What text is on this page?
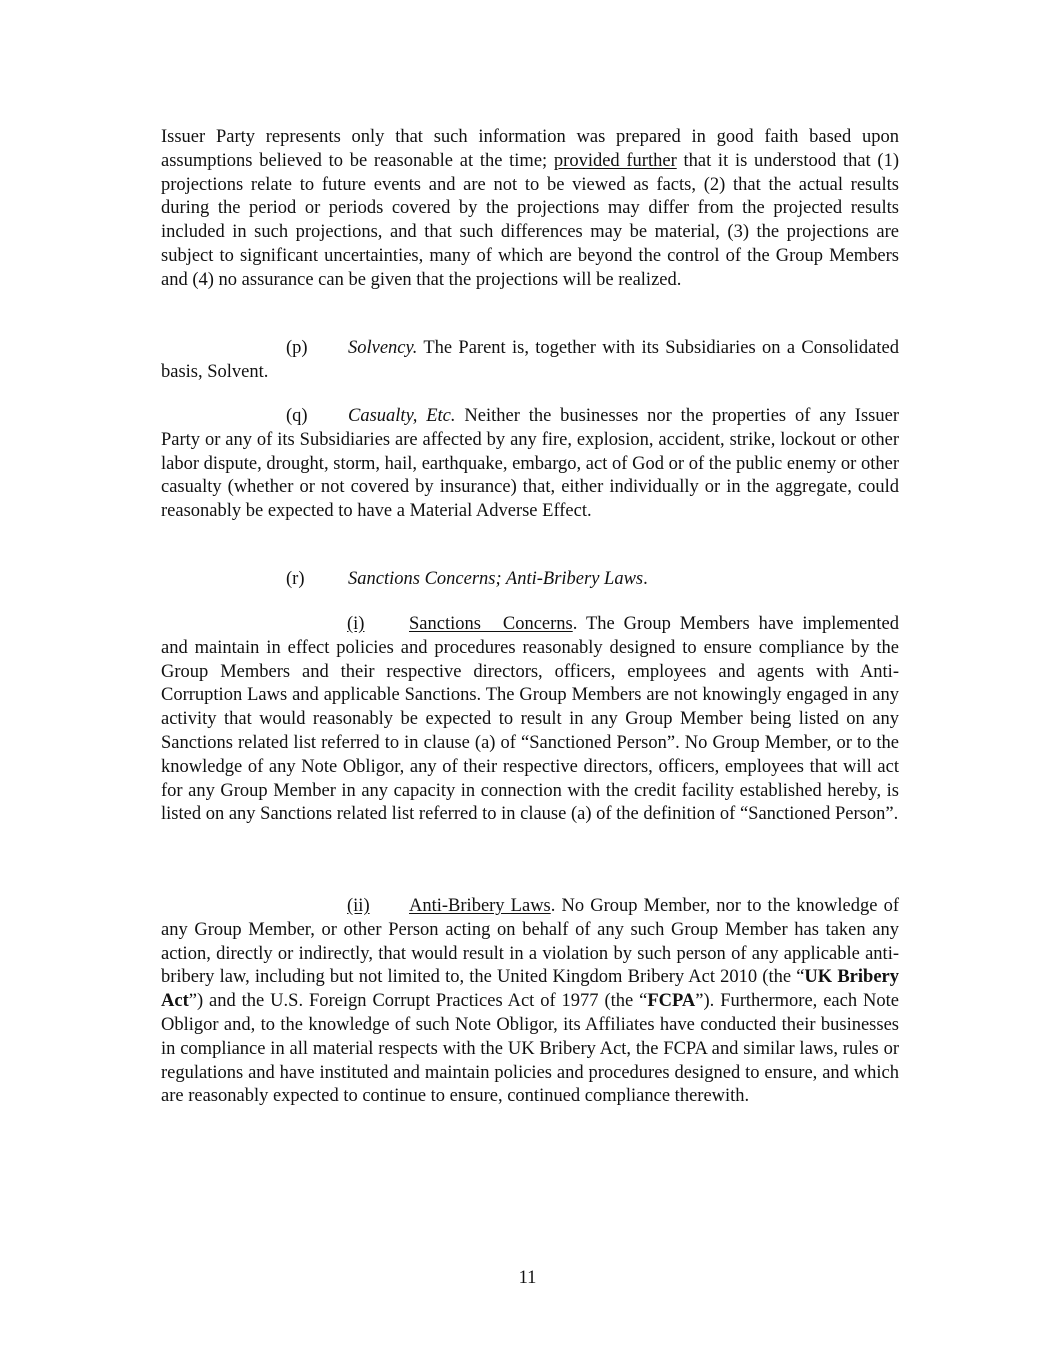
Issuer Party represents only that such information was prepared in good faith based upon assumptions believed to be reasonable at the time; provided further that it is understood that (1) projections relate to future events and are not to be viewed as facts, (2) that the actual results during the period or periods covered by the projections may differ from the projected results included in such projections, and that such differences may be material, (3) the projections are subject to significant uncertainties, many of which are beyond the control of the Group Members and (4) no assurance can be given that the projections will be realized.

(p) Solvency. The Parent is, together with its Subsidiaries on a Consolidated basis, Solvent.

(q) Casualty, Etc. Neither the businesses nor the properties of any Issuer Party or any of its Subsidiaries are affected by any fire, explosion, accident, strike, lockout or other labor dispute, drought, storm, hail, earthquake, embargo, act of God or of the public enemy or other casualty (whether or not covered by insurance) that, either individually or in the aggregate, could reasonably be expected to have a Material Adverse Effect.

(r) Sanctions Concerns; Anti-Bribery Laws.

(i) Sanctions Concerns. The Group Members have implemented and maintain in effect policies and procedures reasonably designed to ensure compliance by the Group Members and their respective directors, officers, employees and agents with Anti-Corruption Laws and applicable Sanctions. The Group Members are not knowingly engaged in any activity that would reasonably be expected to result in any Group Member being listed on any Sanctions related list referred to in clause (a) of “Sanctioned Person”. No Group Member, or to the knowledge of any Note Obligor, any of their respective directors, officers, employees that will act for any Group Member in any capacity in connection with the credit facility established hereby, is listed on any Sanctions related list referred to in clause (a) of the definition of “Sanctioned Person”.

(ii) Anti-Bribery Laws. No Group Member, nor to the knowledge of any Group Member, or other Person acting on behalf of any such Group Member has taken any action, directly or indirectly, that would result in a violation by such person of any applicable anti-bribery law, including but not limited to, the United Kingdom Bribery Act 2010 (the “UK Bribery Act”) and the U.S. Foreign Corrupt Practices Act of 1977 (the “FCPA”). Furthermore, each Note Obligor and, to the knowledge of such Note Obligor, its Affiliates have conducted their businesses in compliance in all material respects with the UK Bribery Act, the FCPA and similar laws, rules or regulations and have instituted and maintain policies and procedures designed to ensure, and which are reasonably expected to continue to ensure, continued compliance therewith.

11
